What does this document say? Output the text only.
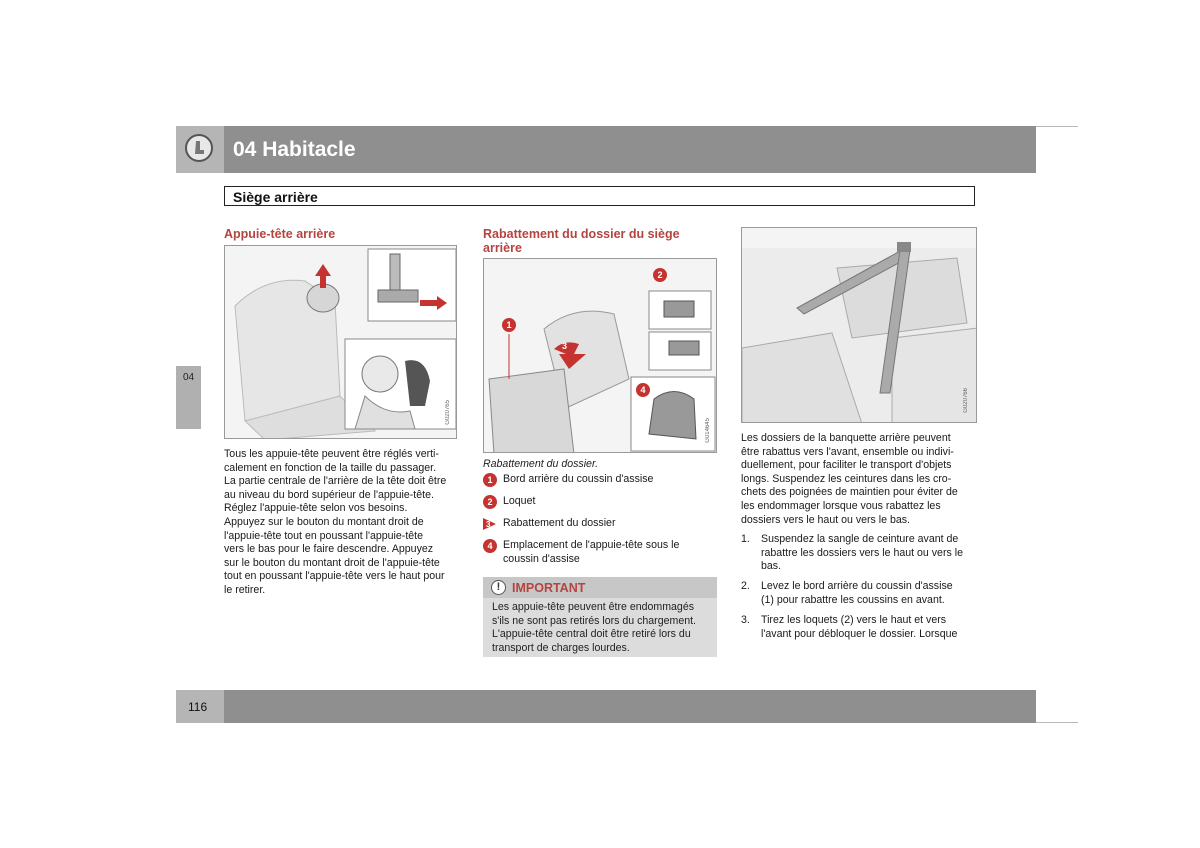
04 Habitacle
Siège arrière
04
Appuie-tête arrière
G020765
Tous les appuie-tête peuvent être réglés verti-
calement en fonction de la taille du passager.
La partie centrale de l'arrière de la tête doit être
au niveau du bord supérieur de l'appuie-tête.
Réglez l'appuie-tête selon vos besoins.
Appuyez sur le bouton du montant droit de
l'appuie-tête tout en poussant l'appuie-tête
vers le bas pour le faire descendre. Appuyez
sur le bouton du montant droit de l'appuie-tête
tout en poussant l'appuie-tête vers le haut pour
le retirer.
Rabattement du dossier du siège
arrière
1
2
3
4
G014645
Rabattement du dossier.
1 Bord arrière du coussin d'assise
2 Loquet
3 Rabattement du dossier
4 Emplacement de l'appuie-tête sous le
coussin d'assise
! IMPORTANT
Les appuie-tête peuvent être endommagés
s'ils ne sont pas retirés lors du chargement.
L'appuie-tête central doit être retiré lors du
transport de charges lourdes.
G020766
Les dossiers de la banquette arrière peuvent
être rabattus vers l'avant, ensemble ou indivi-
duellement, pour faciliter le transport d'objets
longs. Suspendez les ceintures dans les cro-
chets des poignées de maintien pour éviter de
les endommager lorsque vous rabattez les
dossiers vers le haut ou vers le bas.
1. Suspendez la sangle de ceinture avant de
rabattre les dossiers vers le haut ou vers le
bas.
2. Levez le bord arrière du coussin d'assise
(1) pour rabattre les coussins en avant.
3. Tirez les loquets (2) vers le haut et vers
l'avant pour débloquer le dossier. Lorsque
116
